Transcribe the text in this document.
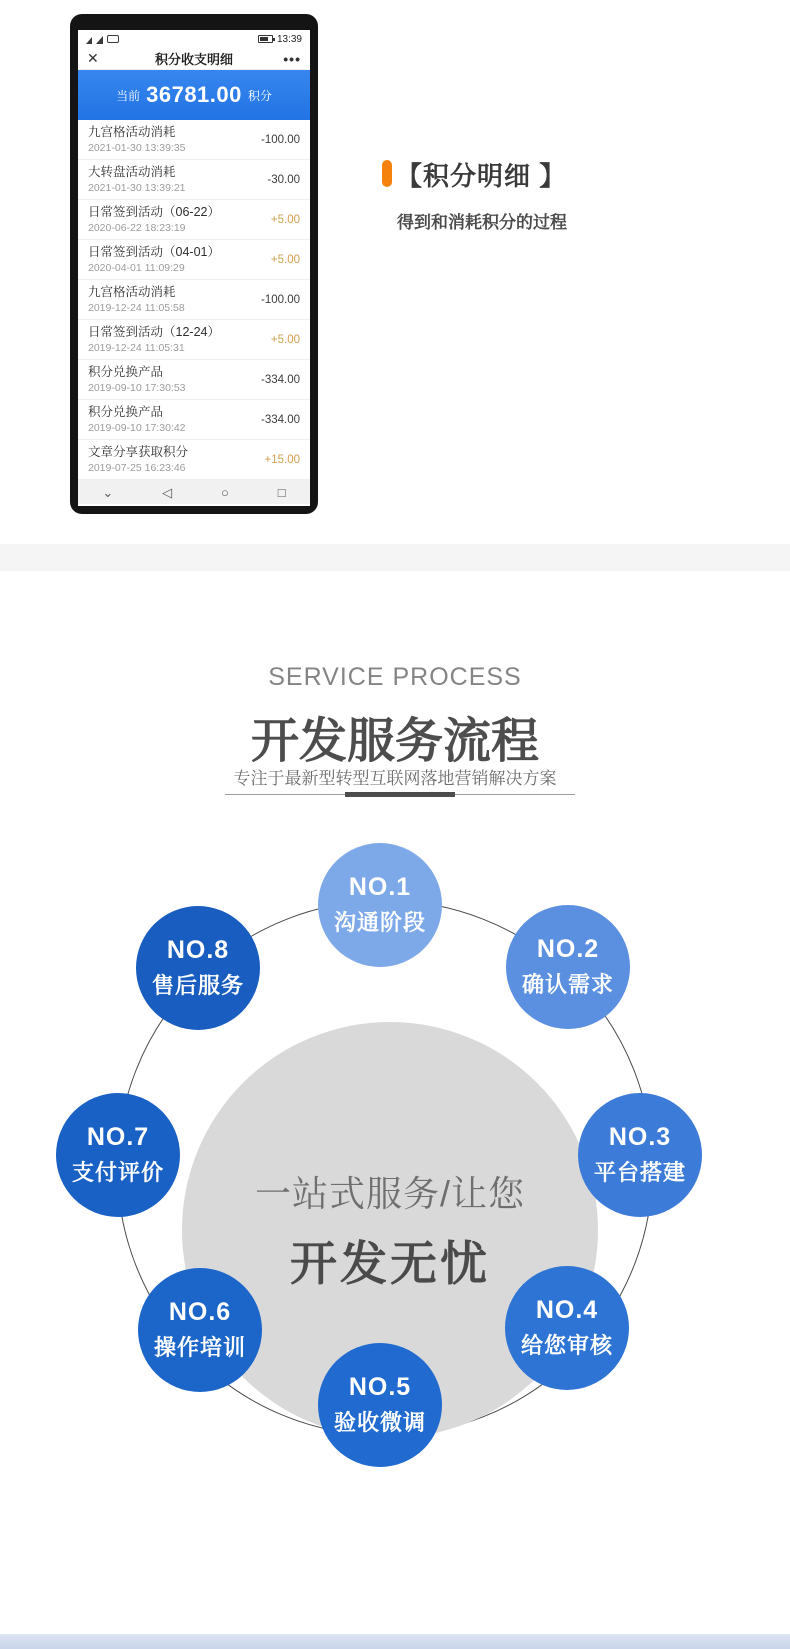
13:39
✕	积分收支明细	•••
当前 36781.00 积分
九宫格活动消耗
2021-01-30 13:39:35
-100.00
大转盘活动消耗
2021-01-30 13:39:21
-30.00
日常签到活动（06-22）
2020-06-22 18:23:19
+5.00
日常签到活动（04-01）
2020-04-01 11:09:29
+5.00
九宫格活动消耗
2019-12-24 11:05:58
-100.00
日常签到活动（12-24）
2019-12-24 11:05:31
+5.00
积分兑换产品
2019-09-10 17:30:53
-334.00
积分兑换产品
2019-09-10 17:30:42
-334.00
文章分享获取积分
2019-07-25 16:23:46
+15.00
⌄	◁	○	□
【积分明细 】

得到和消耗积分的过程

SERVICE PROCESS
开发服务流程
专注于最新型转型互联网落地营销解决方案
一站式服务/让您
开发无忧
NO.1
沟通阶段
NO.2
确认需求
NO.3
平台搭建
NO.4
给您审核
NO.5
验收微调
NO.6
操作培训
NO.7
支付评价
NO.8
售后服务
